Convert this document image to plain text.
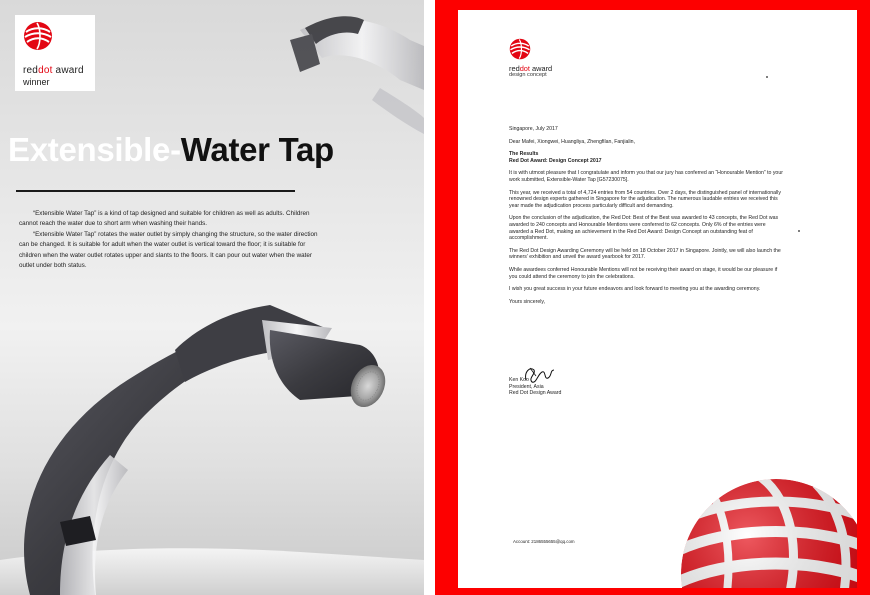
reddot award
winner
Extensible-Water Tap

“Extensible Water Tap” is a kind of tap designed and suitable for children as well as adults. Children cannot reach the water due to short arm when washing their hands.

“Extensible Water Tap” rotates the water outlet by simply changing the structure, so the water direction can be changed. It is suitable for adult when the water outlet is vertical toward the floor; it is suitable for children when the water outlet rotates upper and slants to the floors. It can pour out water when the water outlet under both status.

reddot award
design concept
Singapore, July 2017
Dear Mafei, Xiongwei, Huangliya, Zhengfilan, Fanjialin,
The Results
Red Dot Award: Design Concept 2017
It is with utmost pleasure that I congratulate and inform you that our jury has conferred an “Honourable Mention” to your work submitted, Extensible-Water Tap [G57230075].
This year, we received a total of 4,724 entries from 54 countries. Over 2 days, the distinguished panel of internationally renowned design experts gathered in Singapore for the adjudication. The numerous laudable entries we received this year made the adjudication process particularly difficult and demanding.
Upon the conclusion of the adjudication, the Red Dot: Best of the Best was awarded to 43 concepts, the Red Dot was awarded to 240 concepts and Honourable Mentions were conferred to 62 concepts. Only 6% of the entries were awarded a Red Dot, making an achievement in the Red Dot Award: Design Concept an outstanding feat of accomplishment.
The Red Dot Design Awarding Ceremony will be held on 18 October 2017 in Singapore. Jointly, we will also launch the winners’ exhibition and unveil the award yearbook for 2017.
While awardees conferred Honourable Mentions will not be receiving their award on stage, it would be our pleasure if you could attend the ceremony to join the celebrations.
I wish you great success in your future endeavors and look forward to meeting you at the awarding ceremony.
Yours sincerely,
Ken Koo
President, Asia
Red Dot Design Award
Account: 2186555655@qq.com
